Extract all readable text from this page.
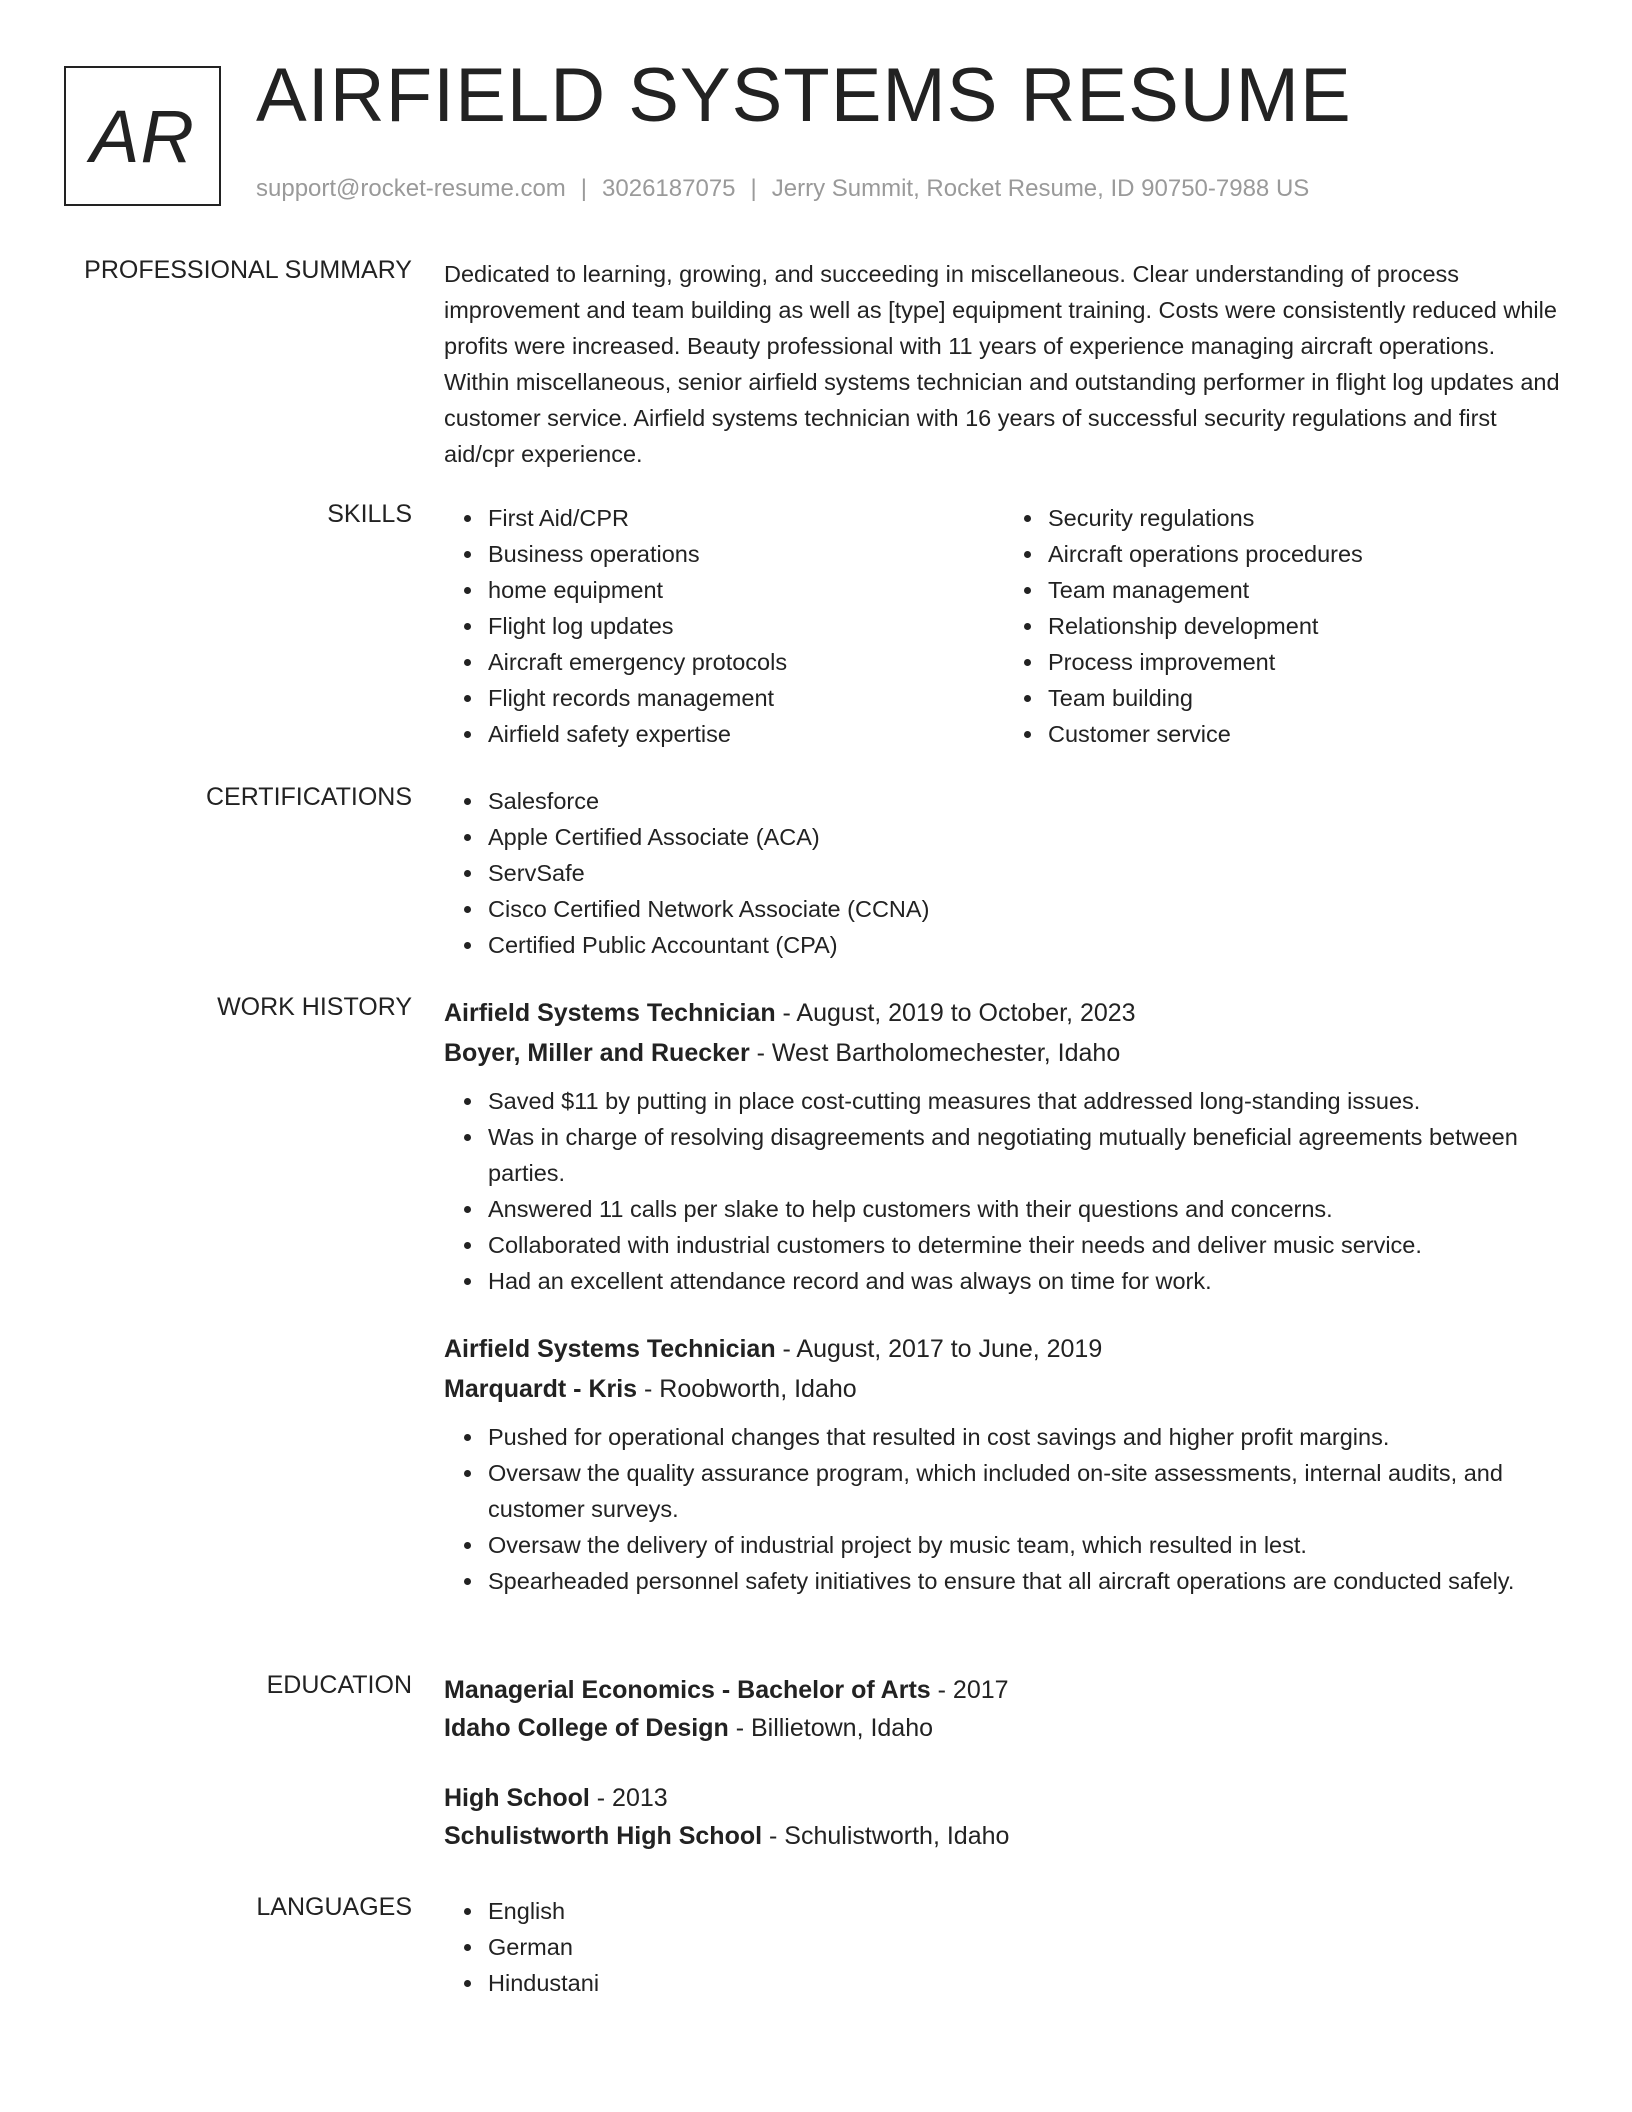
AR AIRFIELD SYSTEMS RESUME
support@rocket-resume.com | 3026187075 | Jerry Summit, Rocket Resume, ID 90750-7988 US
PROFESSIONAL SUMMARY Dedicated to learning, growing, and succeeding in miscellaneous. Clear understanding of process improvement and team building as well as [type] equipment training. Costs were consistently reduced while profits were increased. Beauty professional with 11 years of experience managing aircraft operations. Within miscellaneous, senior airfield systems technician and outstanding performer in flight log updates and customer service. Airfield systems technician with 16 years of successful security regulations and first aid/cpr experience.
SKILLS	First Aid/CPR
Business operations
home equipment
Flight log updates
Aircraft emergency protocols
Flight records management
Airfield safety expertise
Security regulations
Aircraft operations procedures
Team management
Relationship development
Process improvement
Team building
Customer service
CERTIFICATIONS	Salesforce
Apple Certified Associate (ACA)
ServSafe
Cisco Certified Network Associate (CCNA)
Certified Public Accountant (CPA)
WORK HISTORY Airfield Systems Technician - August, 2019 to October, 2023
Boyer, Miller and Ruecker - West Bartholomechester, Idaho
Saved $11 by putting in place cost-cutting measures that addressed long-standing issues.
Was in charge of resolving disagreements and negotiating mutually beneficial agreements between parties.
Answered 11 calls per slake to help customers with their questions and concerns.
Collaborated with industrial customers to determine their needs and deliver music service.
Had an excellent attendance record and was always on time for work.
Airfield Systems Technician - August, 2017 to June, 2019
Marquardt - Kris - Roobworth, Idaho
Pushed for operational changes that resulted in cost savings and higher profit margins.
Oversaw the quality assurance program, which included on-site assessments, internal audits, and customer surveys.
Oversaw the delivery of industrial project by music team, which resulted in lest.
Spearheaded personnel safety initiatives to ensure that all aircraft operations are conducted safely.
EDUCATION Managerial Economics - Bachelor of Arts - 2017
Idaho College of Design - Billietown, Idaho
High School - 2013
Schulistworth High School - Schulistworth, Idaho
LANGUAGES	English
German
Hindustani
